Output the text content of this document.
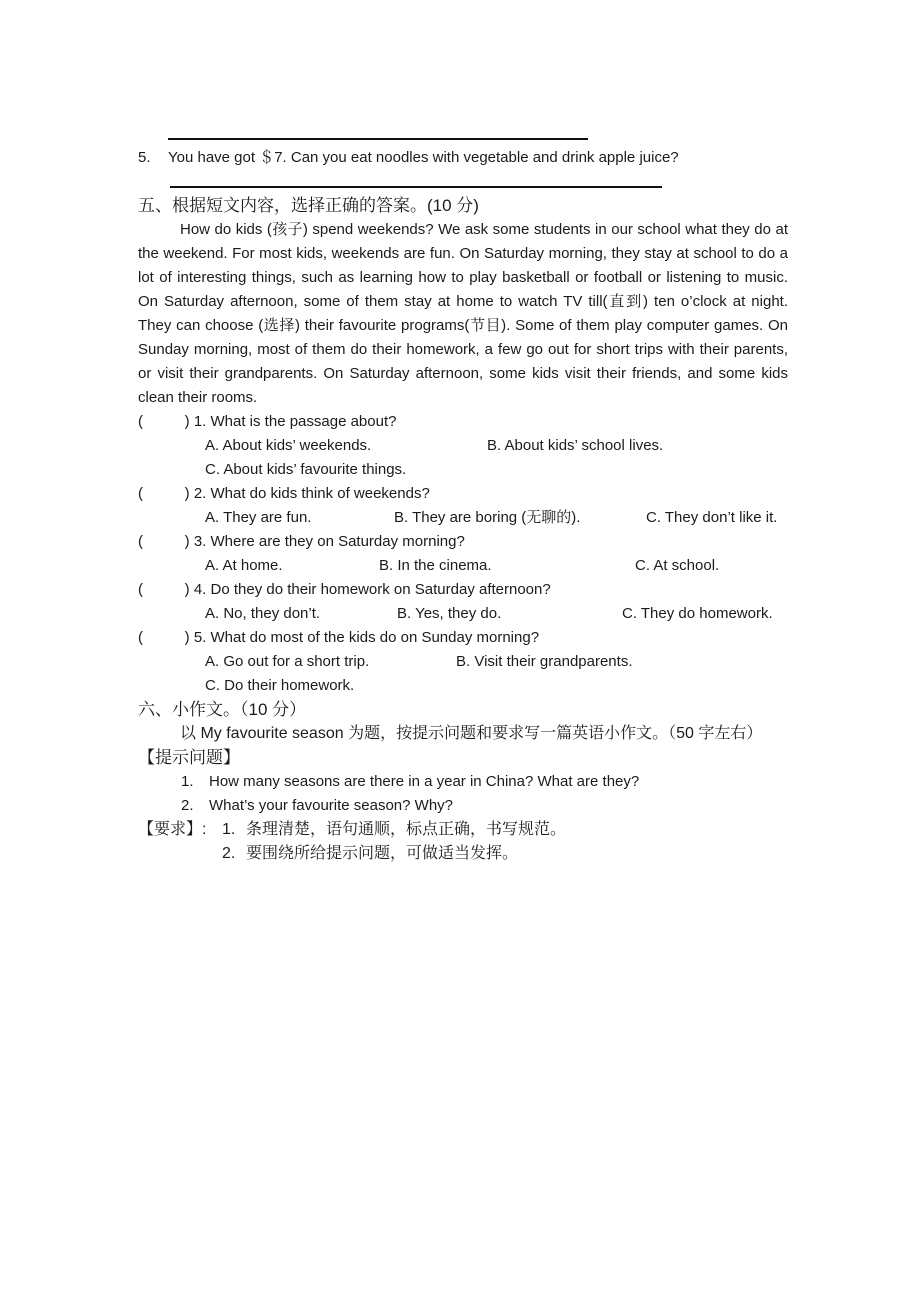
5.	You have got ＄7. Can you eat noodles with vegetable and drink apple juice?
五、根据短文内容，选择正确的答案。(10 分)
How do kids (孩子) spend weekends? We ask some students in our school what they do at
the weekend. For most kids, weekends are fun. On Saturday morning, they stay at school to do a
lot of interesting things, such as learning how to play basketball or football or listening to music.
On Saturday afternoon, some of them stay at home to watch TV till(直到) ten o’clock at night.
They can choose (选择) their favourite programs(节目). Some of them play computer games. On
Sunday morning, most of them do their homework, a few go out for short trips with their parents,
or visit their grandparents. On Saturday afternoon, some kids visit their friends, and some kids
clean their rooms.
(          ) 1. What is the passage about?
A. About kids’ weekends.	B. About kids’ school lives.
C. About kids’ favourite things.
(          ) 2. What do kids think of weekends?
A. They are fun.	B. They are boring (无聊的).	C. They don’t like it.
(          ) 3. Where are they on Saturday morning?
A. At home.	B. In the cinema.	C. At school.
(          ) 4. Do they do their homework on Saturday afternoon?
A. No, they don’t.	B. Yes, they do.	C. They do homework.
(          ) 5. What do most of the kids do on Sunday morning?
A. Go out for a short trip.	B. Visit their grandparents.
C. Do their homework.
六、小作文。（10 分）
以 My favourite season 为题，按提示问题和要求写一篇英语小作文。（50 字左右）
【提示问题】
1.	How many seasons are there in a year in China? What are they?
2.	What’s your favourite season? Why?
【要求】: 1. 条理清楚，语句通顺，标点正确，书写规范。
2. 要围绕所给提示问题，可做适当发挥。
